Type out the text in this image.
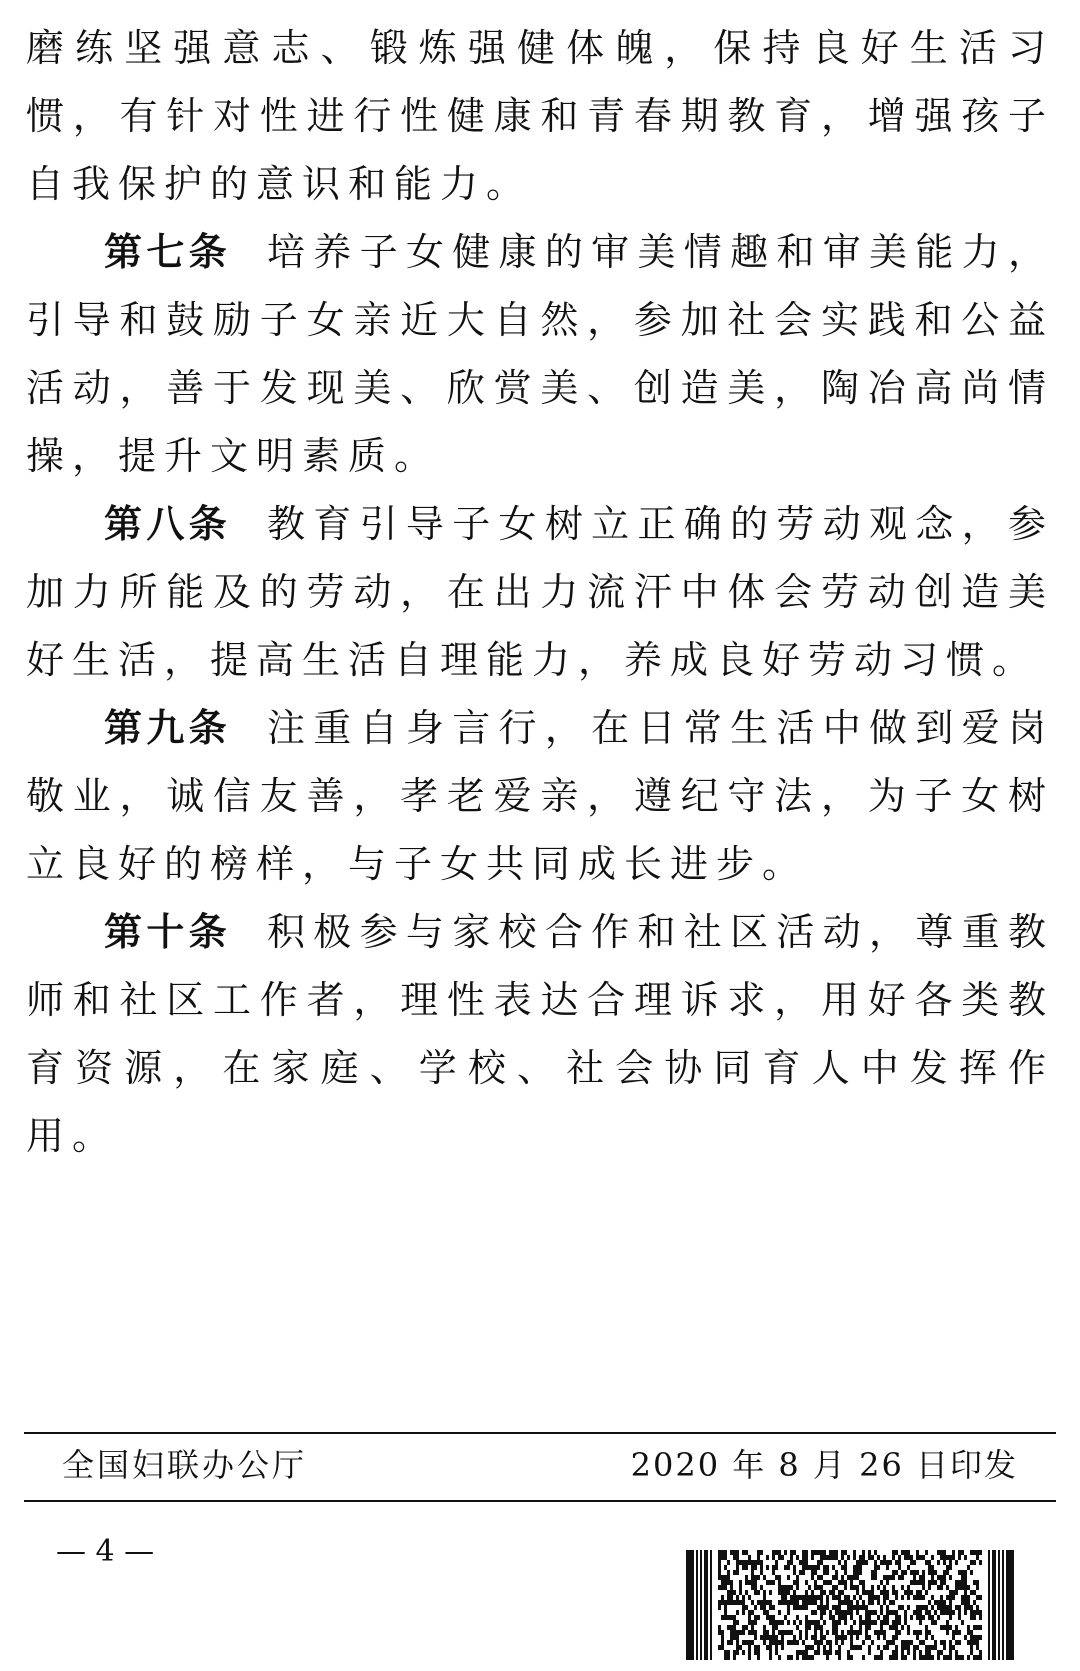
磨练坚强意志、锻炼强健体魄，保持良好生活习惯，有针对性进行性健康和青春期教育，增强孩子自我保护的意识和能力。

第七条 培养子女健康的审美情趣和审美能力，引导和鼓励子女亲近大自然，参加社会实践和公益活动，善于发现美、欣赏美、创造美，陶冶高尚情操，提升文明素质。

第八条 教育引导子女树立正确的劳动观念，参加力所能及的劳动，在出力流汗中体会劳动创造美好生活，提高生活自理能力，养成良好劳动习惯。

第九条 注重自身言行，在日常生活中做到爱岗敬业，诚信友善，孝老爱亲，遵纪守法，为子女树立良好的榜样，与子女共同成长进步。

第十条 积极参与家校合作和社区活动，尊重教师和社区工作者，理性表达合理诉求，用好各类教育资源，在家庭、学校、社会协同育人中发挥作用。

全国妇联办公厅	2020 年 8 月 26 日印发
— 4 —
